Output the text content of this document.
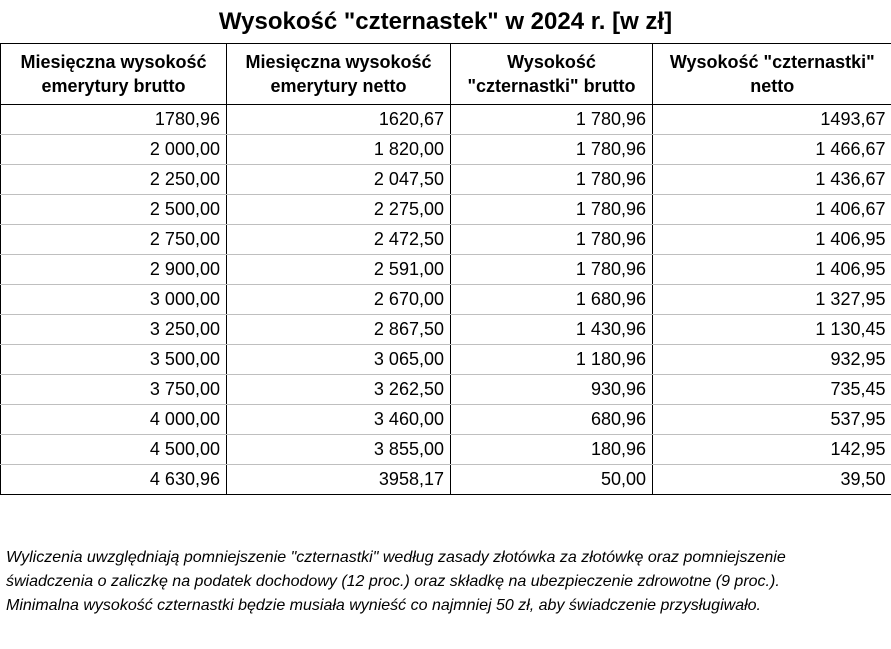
Wysokość "czternastek" w 2024 r. [w zł]
Miesięczna wysokość emerytury brutto	Miesięczna wysokość emerytury netto	Wysokość "czternastki" brutto	Wysokość "czternastki" netto
1780,96	1620,67	1 780,96	1493,67
2 000,00	1 820,00	1 780,96	1 466,67
2 250,00	2 047,50	1 780,96	1 436,67
2 500,00	2 275,00	1 780,96	1 406,67
2 750,00	2 472,50	1 780,96	1 406,95
2 900,00	2 591,00	1 780,96	1 406,95
3 000,00	2 670,00	1 680,96	1 327,95
3 250,00	2 867,50	1 430,96	1 130,45
3 500,00	3 065,00	1 180,96	932,95
3 750,00	3 262,50	930,96	735,45
4 000,00	3 460,00	680,96	537,95
4 500,00	3 855,00	180,96	142,95
4 630,96	3958,17	50,00	39,50

Wyliczenia uwzględniają pomniejszenie "czternastki" według zasady złotówka za złotówkę oraz pomniejszenie

świadczenia o zaliczkę na podatek dochodowy (12 proc.) oraz składkę na ubezpieczenie zdrowotne (9 proc.).

Minimalna wysokość czternastki będzie musiała wynieść co najmniej 50 zł, aby świadczenie przysługiwało.
